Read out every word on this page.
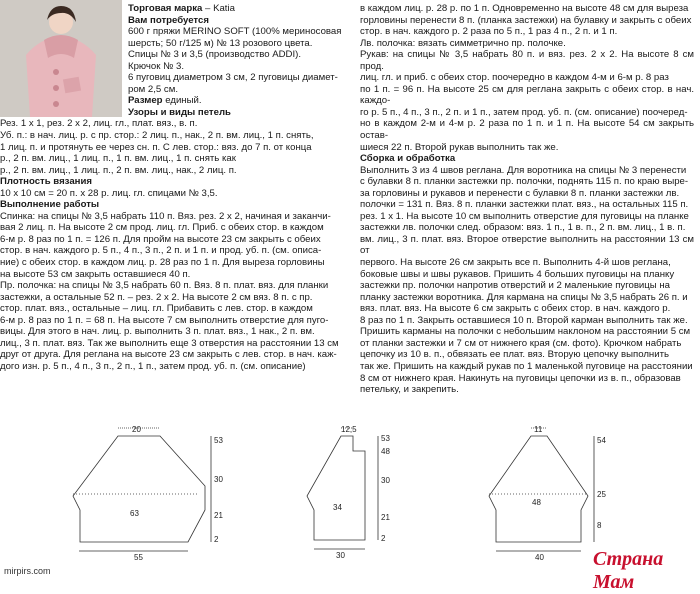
Торговая марка – Katia

Вам потребуется

600 г пряжи MERINO SOFT (100% мериносовая

шерсть; 50 г/125 м) № 13 розового цвета.

Спицы № 3 и 3,5 (производство ADDI).

Крючок № 3.

6 пуговиц диаметром 3 см, 2 пуговицы диамет-

ром 2,5 см.

Размер единый.

Узоры и виды петель

Рез. 1 х 1, рез. 2 х 2, лиц. гл., плат. вяз., в. п.

Уб. п.: в нач. лиц. р. с пр. стор.: 2 лиц. п., нак., 2 п. вм. лиц., 1 п. снять,

1 лиц. п. и протянуть ее через сн. п. С лев. стор.: вяз. до 7 п. от конца

р., 2 п. вм. лиц., 1 лиц. п., 1 п. вм. лиц., 1 п. снять как

р., 2 п. вм. лиц., 1 лиц. п., 2 п. вм. лиц., нак., 2 лиц. п.

Плотность вязания

10 х 10 см = 20 п. х 28 р. лиц. гл. спицами № 3,5.

Выполнение работы

Спинка: на спицы № 3,5 набрать 110 п. Вяз. рез. 2 х 2, начиная и заканчи-

вая 2 лиц. п. На высоте 2 см прод. лиц. гл. Приб. с обеих стор. в каждом

6-м р. 8 раз по 1 п. = 126 п. Для пройм на высоте 23 см закрыть с обеих

стор. в нач. каждого р. 5 п., 4 п., 3 п., 2 п. и 1 п. и прод. уб. п. (см. описа-

ние) с обеих стор. в каждом лиц. р. 28 раз по 1 п. Для выреза горловины

на высоте 53 см закрыть оставшиеся 40 п.

Пр. полочка: на спицы № 3,5 набрать 60 п. Вяз. 8 п. плат. вяз. для планки

застежки, а остальные 52 п. – рез. 2 х 2. На высоте 2 см вяз. 8 п. с пр.

стор. плат. вяз., остальные – лиц. гл. Прибавить с лев. стор. в каждом

6-м р. 8 раз по 1 п. = 68 п. На высоте 7 см выполнить отверстие для пуго-

вицы. Для этого в нач. лиц. р. выполнить 3 п. плат. вяз., 1 нак., 2 п. вм.

лиц., 3 п. плат. вяз. Так же выполнить еще 3 отверстия на расстоянии 13 см

друг от друга. Для реглана на высоте 23 см закрыть с лев. стор. в нач. каж-

дого изн. р. 5 п., 4 п., 3 п., 2 п., 1 п., затем прод. уб. п. (см. описание)

в каждом лиц. р. 28 р. по 1 п. Одновременно на высоте 48 см для выреза

горловины перенести 8 п. (планка застежки) на булавку и закрыть с обеих

стор. в нач. каждого р. 2 раза по 5 п., 1 раз 4 п., 2 п. и 1 п.

Лв. полочка: вязать симметрично пр. полочке.

Рукав: на спицы № 3,5 набрать 80 п. и вяз. рез. 2 х 2. На высоте 8 см прод.

лиц. гл. и приб. с обеих стор. поочередно в каждом 4-м и 6-м р. 8 раз

по 1 п. = 96 п. На высоте 25 см для реглана закрыть с обеих стор. в нач. каждо-

го р. 5 п., 4 п., 3 п., 2 п. и 1 п., затем прод. уб. п. (см. описание) поочеред-

но в каждом 2-м и 4-м р. 2 раза по 1 п. и 1 п. На высоте 54 см закрыть остав-

шиеся 22 п. Второй рукав выполнить так же.

Сборка и обработка

Выполнить 3 из 4 швов реглана. Для воротника на спицы № 3 перенести

с булавки 8 п. планки застежки пр. полочки, поднять 115 п. по краю выре-

за горловины и рукавов и перенести с булавки 8 п. планки застежки лв.

полочки = 131 п. Вяз. 8 п. планки застежки плат. вяз., на остальных 115 п.

рез. 1 х 1. На высоте 10 см выполнить отверстие для пуговицы на планке

застежки лв. полочки след. образом: вяз. 1 п., 1 в. п., 2 п. вм. лиц., 1 в. п.

вм. лиц., 3 п. плат. вяз. Второе отверстие выполнить на расстоянии 13 см от

первого. На высоте 26 см закрыть все п. Выполнить 4-й шов реглана,

боковые швы и швы рукавов. Пришить 4 больших пуговицы на планку

застежки пр. полочки напротив отверстий и 2 маленькие пуговицы на

планку застежки воротника. Для кармана на спицы № 3,5 набрать 26 п. и

вяз. плат. вяз. На высоте 6 см закрыть с обеих стор. в нач. каждого р.

8 раз по 1 п. Закрыть оставшиеся 10 п. Второй карман выполнить так же.

Пришить карманы на полочки с небольшим наклоном на расстоянии 5 см

от планки застежки и 7 см от нижнего края (см. фото). Крючком набрать

цепочку из 10 в. п., обвязать ее плат. вяз. Вторую цепочку выполнить

так же. Пришить на каждый рукав по 1 маленькой пуговице на расстоянии

8 см от нижнего края. Накинуть на пуговицы цепочки из в. п., образовав

петельку, и закрепить.

20
63
55
53
30
21
2
12,5
34
30
53
48
30
21
2
11
48
40
54
25
8
mirpirs.com
Страна Мам
